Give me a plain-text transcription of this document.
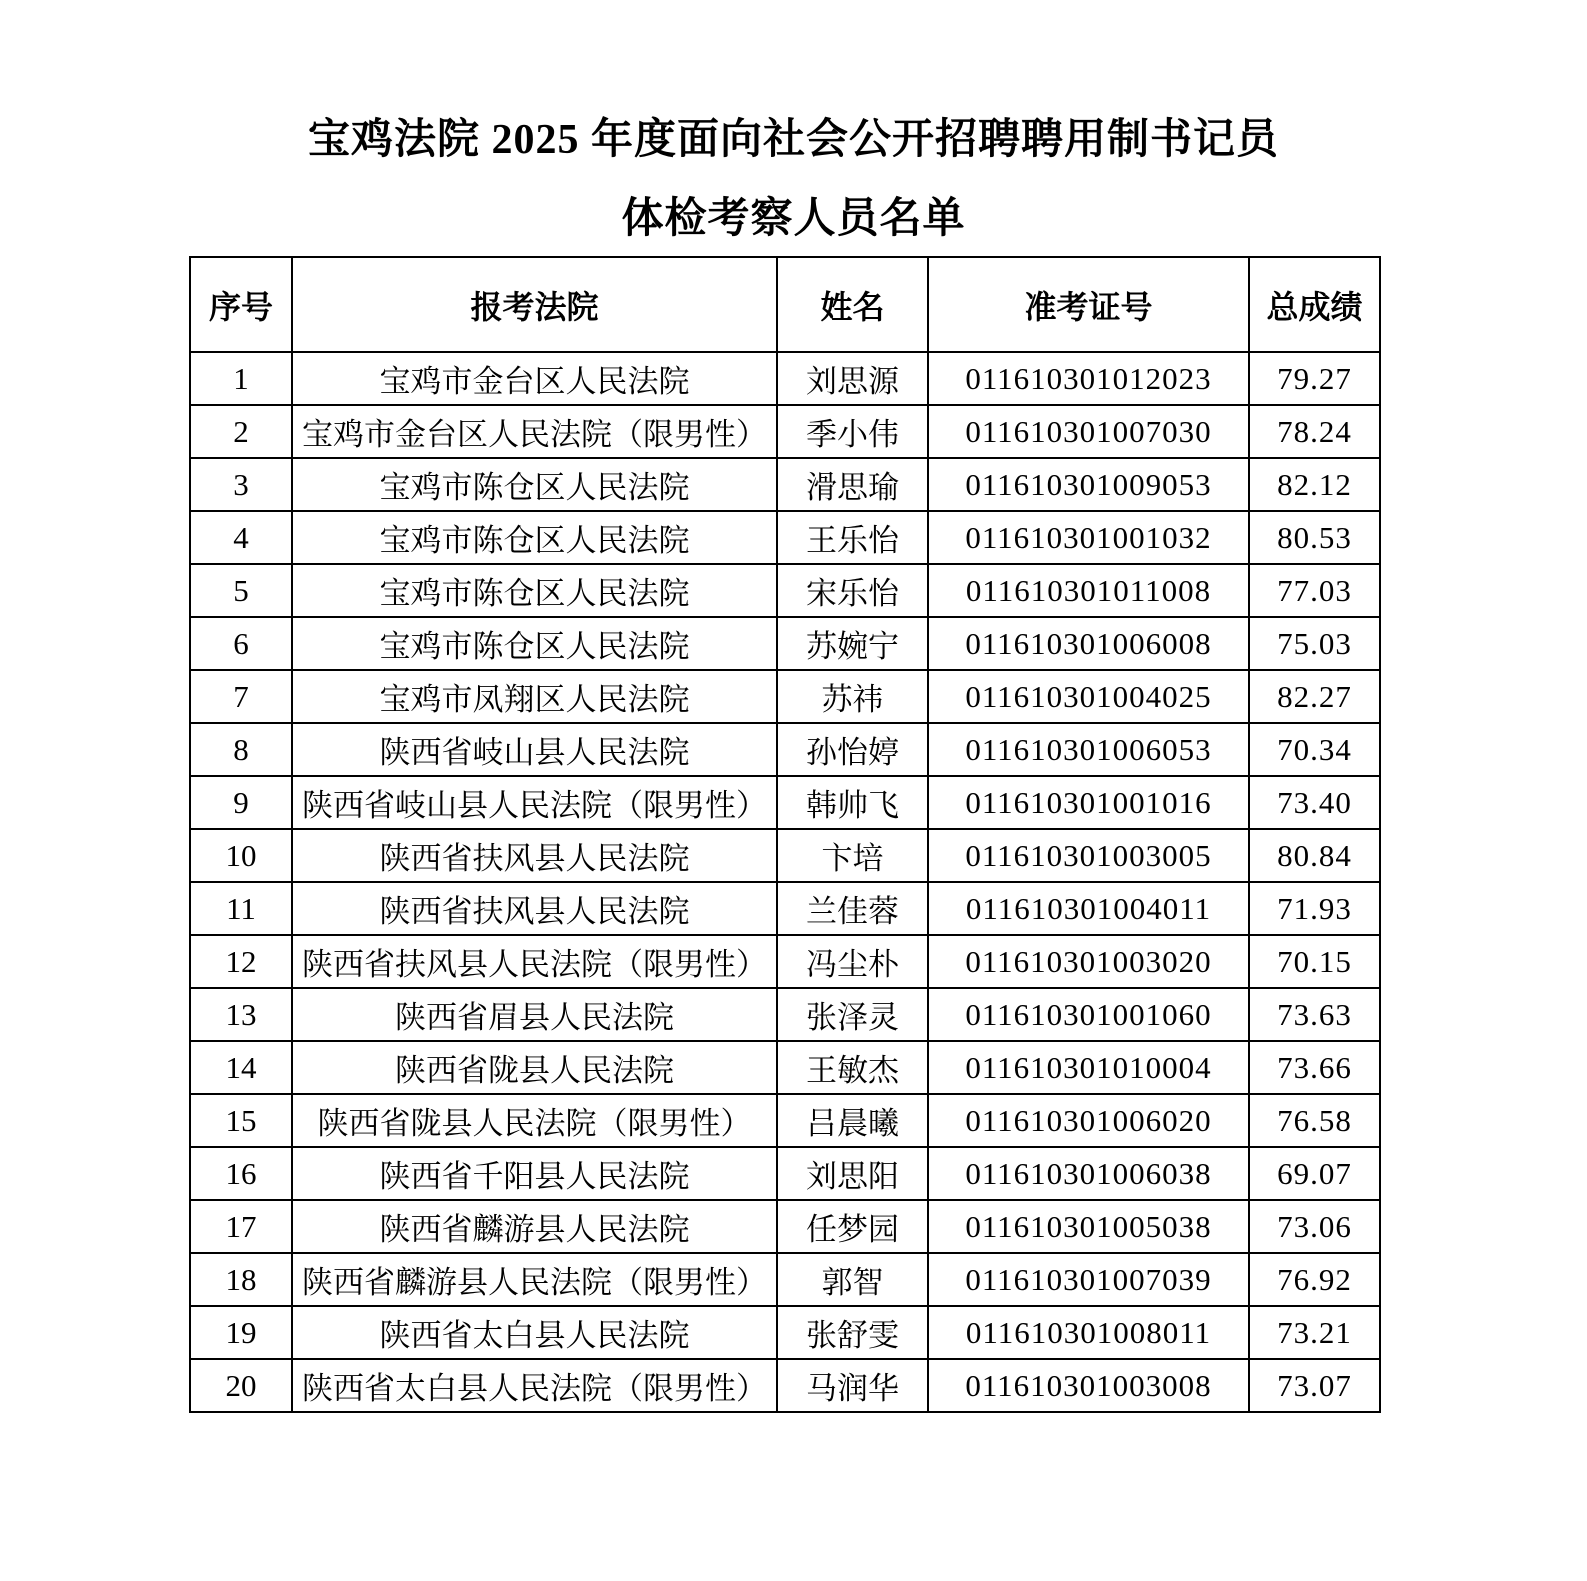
宝鸡法院 2025 年度面向社会公开招聘聘用制书记员
体检考察人员名单
序号	报考法院	姓名	准考证号	总成绩
1	宝鸡市金台区人民法院	刘思源	011610301012023	79.27
2	宝鸡市金台区人民法院（限男性）	季小伟	011610301007030	78.24
3	宝鸡市陈仓区人民法院	滑思瑜	011610301009053	82.12
4	宝鸡市陈仓区人民法院	王乐怡	011610301001032	80.53
5	宝鸡市陈仓区人民法院	宋乐怡	011610301011008	77.03
6	宝鸡市陈仓区人民法院	苏婉宁	011610301006008	75.03
7	宝鸡市凤翔区人民法院	苏祎	011610301004025	82.27
8	陕西省岐山县人民法院	孙怡婷	011610301006053	70.34
9	陕西省岐山县人民法院（限男性）	韩帅飞	011610301001016	73.40
10	陕西省扶风县人民法院	卞培	011610301003005	80.84
11	陕西省扶风县人民法院	兰佳蓉	011610301004011	71.93
12	陕西省扶风县人民法院（限男性）	冯尘朴	011610301003020	70.15
13	陕西省眉县人民法院	张泽灵	011610301001060	73.63
14	陕西省陇县人民法院	王敏杰	011610301010004	73.66
15	陕西省陇县人民法院（限男性）	吕晨曦	011610301006020	76.58
16	陕西省千阳县人民法院	刘思阳	011610301006038	69.07
17	陕西省麟游县人民法院	任梦园	011610301005038	73.06
18	陕西省麟游县人民法院（限男性）	郭智	011610301007039	76.92
19	陕西省太白县人民法院	张舒雯	011610301008011	73.21
20	陕西省太白县人民法院（限男性）	马润华	011610301003008	73.07
